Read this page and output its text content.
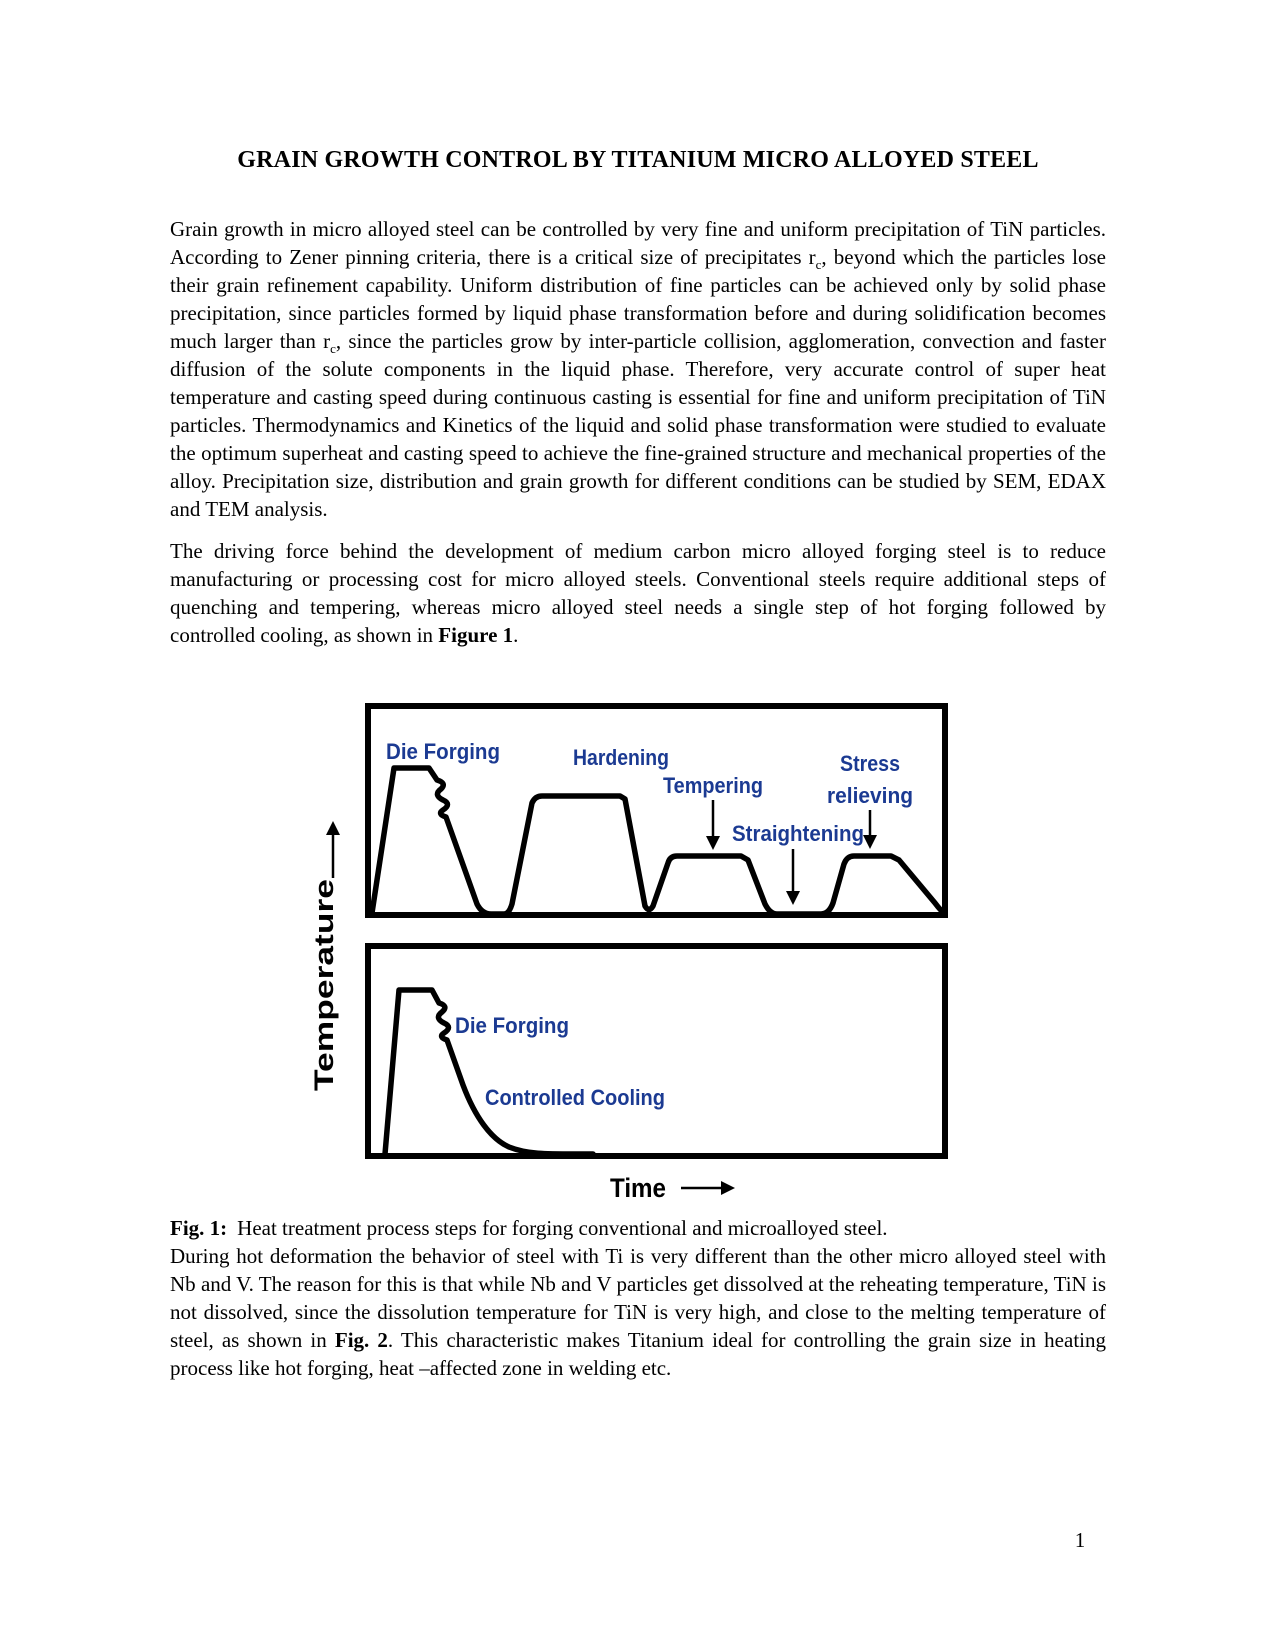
GRAIN GROWTH CONTROL BY TITANIUM MICRO ALLOYED STEEL

Grain growth in micro alloyed steel can be controlled by very fine and uniform precipitation of TiN particles. According to Zener pinning criteria, there is a critical size of precipitates $r_c$, beyond which the particles lose their grain refinement capability. Uniform distribution of fine particles can be achieved only by solid phase precipitation, since particles formed by liquid phase transformation before and during solidification becomes much larger than $r_c$, since the particles grow by inter-particle collision, agglomeration, convection and faster diffusion of the solute components in the liquid phase. Therefore, very accurate control of super heat temperature and casting speed during continuous casting is essential for fine and uniform precipitation of TiN particles. Thermodynamics and Kinetics of the liquid and solid phase transformation were studied to evaluate the optimum superheat and casting speed to achieve the fine-grained structure and mechanical properties of the alloy. Precipitation size, distribution and grain growth for different conditions can be studied by SEM, EDAX and TEM analysis.

The driving force behind the development of medium carbon micro alloyed forging steel is to reduce manufacturing or processing cost for micro alloyed steels. Conventional steels require additional steps of quenching and tempering, whereas micro alloyed steel needs a single step of hot forging followed by controlled cooling, as shown in Figure 1.

Die Forging	Hardening
Tempering
Straightening
Stress
relieving
Die Forging
Controlled Cooling
Temperature
Time

Fig. 1: Heat treatment process steps for forging conventional and microalloyed steel.

During hot deformation the behavior of steel with Ti is very different than the other micro alloyed steel with Nb and V. The reason for this is that while Nb and V particles get dissolved at the reheating temperature, TiN is not dissolved, since the dissolution temperature for TiN is very high, and close to the melting temperature of steel, as shown in Fig. 2. This characteristic makes Titanium ideal for controlling the grain size in heating process like hot forging, heat –affected zone in welding etc.

1
